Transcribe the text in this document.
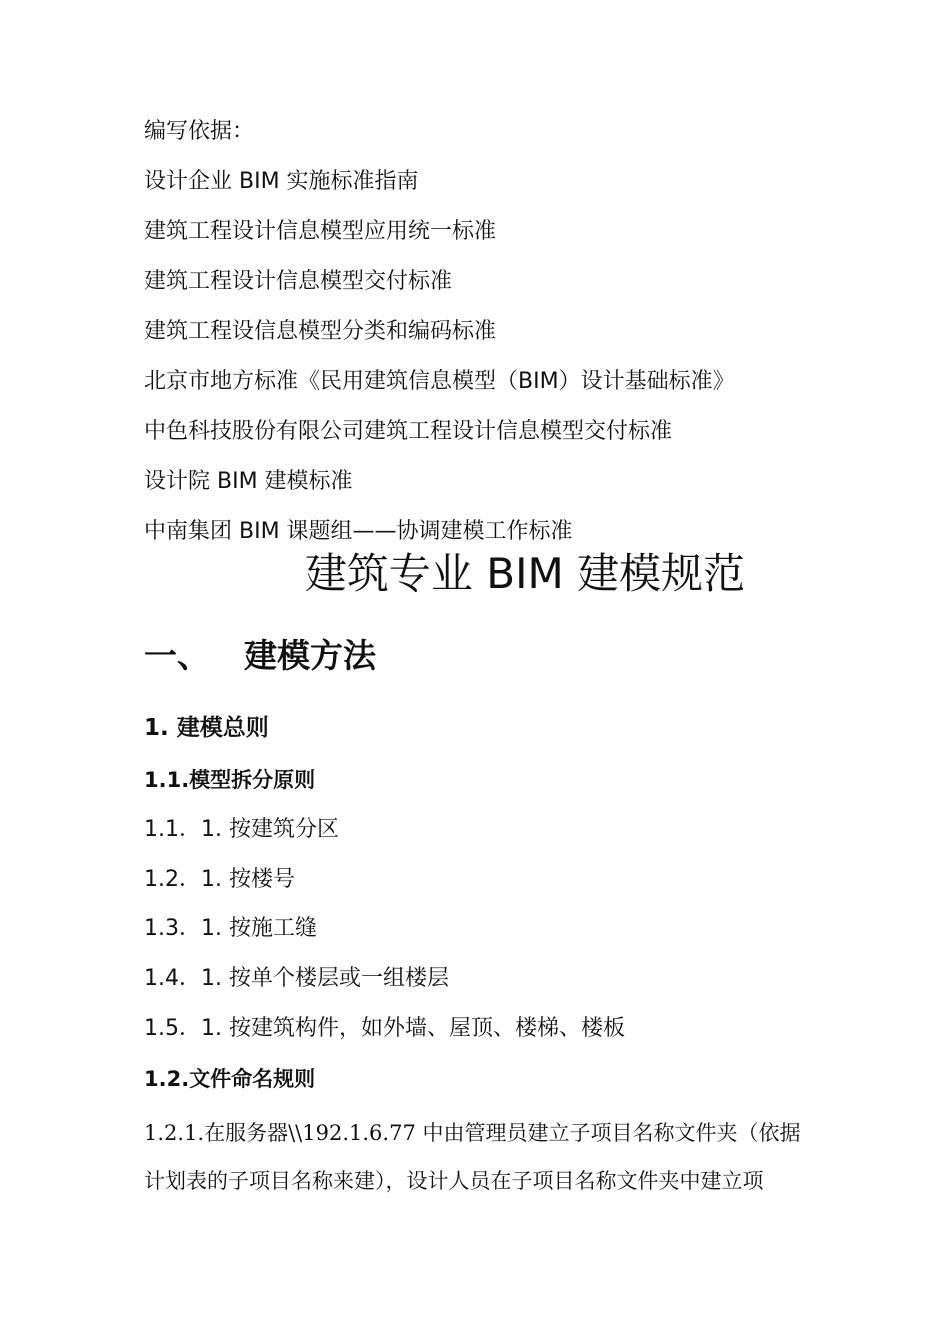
编写依据：
设计企业 BIM 实施标准指南
建筑工程设计信息模型应用统一标准
建筑工程设计信息模型交付标准
建筑工程设信息模型分类和编码标准
北京市地方标准《民用建筑信息模型（BIM）设计基础标准》
中色科技股份有限公司建筑工程设计信息模型交付标准
设计院 BIM 建模标准
中南集团 BIM 课题组——协调建模工作标准
建筑专业 BIM 建模规范
一、 建模方法
1. 建模总则
1.1.模型拆分原则
1.1．1. 按建筑分区
1.2．1. 按楼号
1.3．1. 按施工缝
1.4．1. 按单个楼层或一组楼层
1.5．1. 按建筑构件，如外墙、屋顶、楼梯、楼板
1.2.文件命名规则
1.2.1.在服务器\\192.1.6.77 中由管理员建立子项目名称文件夹（依据
计划表的子项目名称来建），设计人员在子项目名称文件夹中建立项
